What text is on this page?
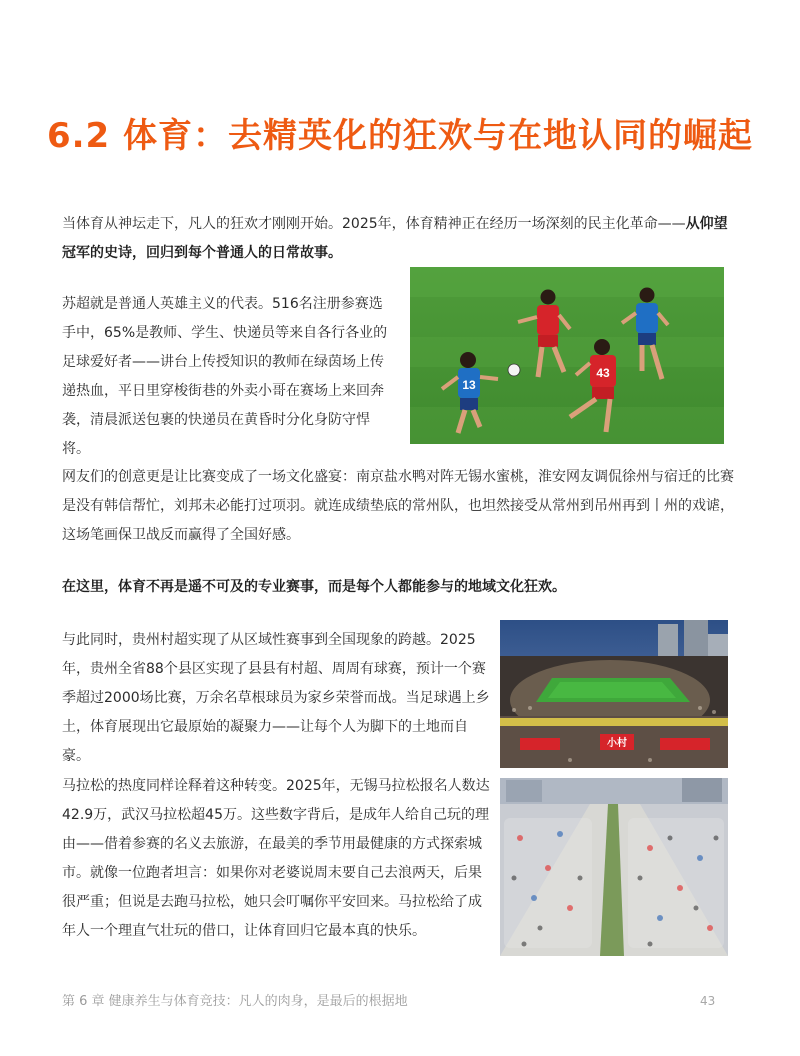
6.2 体育：去精英化的狂欢与在地认同的崛起
当体育从神坛走下，凡人的狂欢才刚刚开始。2025年，体育精神正在经历一场深刻的民主化革命——从仰望冠军的史诗，回归到每个普通人的日常故事。
苏超就是普通人英雄主义的代表。516名注册参赛选手中，65%是教师、学生、快递员等来自各行各业的足球爱好者——讲台上传授知识的教师在绿茵场上传递热血，平日里穿梭街巷的外卖小哥在赛场上来回奔袭，清晨派送包裹的快递员在黄昏时分化身防守悍将。
13
43
网友们的创意更是让比赛变成了一场文化盛宴：南京盐水鸭对阵无锡水蜜桃，淮安网友调侃徐州与宿迁的比赛是没有韩信帮忙，刘邦未必能打过项羽。就连成绩垫底的常州队，也坦然接受从常州到吊州再到丨州的戏谑，这场笔画保卫战反而赢得了全国好感。
在这里，体育不再是遥不可及的专业赛事，而是每个人都能参与的地域文化狂欢。
与此同时，贵州村超实现了从区域性赛事到全国现象的跨越。2025年，贵州全省88个县区实现了县县有村超、周周有球赛，预计一个赛季超过2000场比赛，万余名草根球员为家乡荣誉而战。当足球遇上乡土，体育展现出它最原始的凝聚力——让每个人为脚下的土地而自豪。
小村
马拉松的热度同样诠释着这种转变。2025年，无锡马拉松报名人数达42.9万，武汉马拉松超45万。这些数字背后，是成年人给自己玩的理由——借着参赛的名义去旅游，在最美的季节用最健康的方式探索城市。就像一位跑者坦言：如果你对老婆说周末要自己去浪两天，后果很严重；但说是去跑马拉松，她只会叮嘱你平安回来。马拉松给了成年人一个理直气壮玩的借口，让体育回归它最本真的快乐。
第 6 章 健康养生与体育竞技：凡人的肉身，是最后的根据地	43
